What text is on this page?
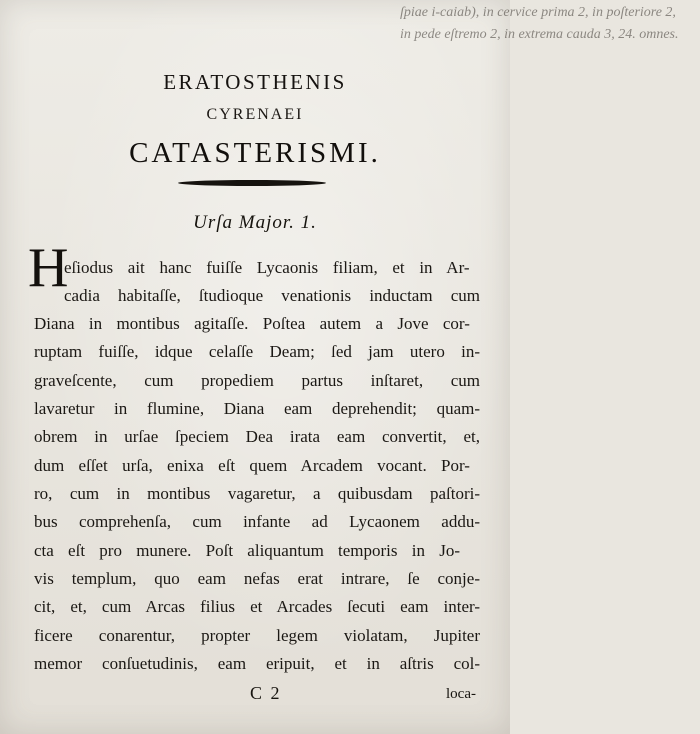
ſpiae i-caiab), in cervice prima 2, in poſteriore 2,
in pede eſtremo 2, in extrema cauda 3, 24. omnes.
ERATOSTHENIS
CYRENAEI
CATASTERISMI.
Urſa Major. 1.
H
eſiodus ait hanc fuiſſe Lycaonis filiam, et in Ar-
cadia habitaſſe, ſtudioque venationis inductam cum
Diana in montibus agitaſſe. Poſtea autem a Jove cor-
ruptam fuiſſe, idque celaſſe Deam; ſed jam utero in-
graveſcente, cum propediem partus inſtaret, cum
lavaretur in flumine, Diana eam deprehendit; quam-
obrem in urſae ſpeciem Dea irata eam convertit, et,
dum eſſet urſa, enixa eſt quem Arcadem vocant. Por-
ro, cum in montibus vagaretur, a quibusdam paſtori-
bus comprehenſa, cum infante ad Lycaonem addu-
cta eſt pro munere. Poſt aliquantum temporis in Jo-
vis templum, quo eam nefas erat intrare, ſe conje-
cit, et, cum Arcas filius et Arcades ſecuti eam inter-
ficere conarentur, propter legem violatam, Jupiter
memor conſuetudinis, eam eripuit, et in aſtris col-
C 2	loca-
